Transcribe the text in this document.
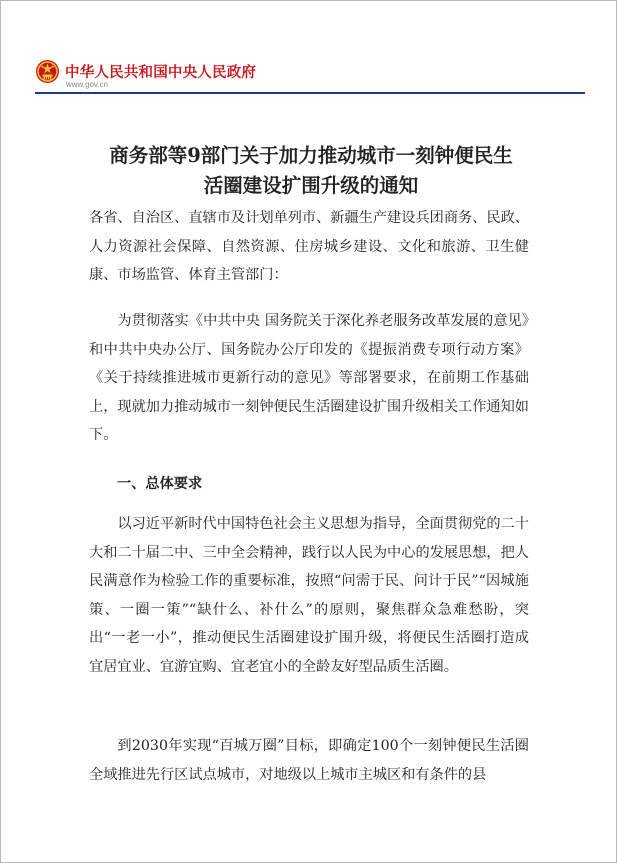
中华人民共和国中央人民政府
www.gov.cn
商务部等9部门关于加力推动城市一刻钟便民生
活圈建设扩围升级的通知

各省、自治区、直辖市及计划单列市、新疆生产建设兵团商务、民政、人力资源社会保障、自然资源、住房城乡建设、文化和旅游、卫生健康、市场监管、体育主管部门：

为贯彻落实《中共中央 国务院关于深化养老服务改革发展的意见》和中共中央办公厅、国务院办公厅印发的《提振消费专项行动方案》《关于持续推进城市更新行动的意见》等部署要求，在前期工作基础上，现就加力推动城市一刻钟便民生活圈建设扩围升级相关工作通知如下。

一、总体要求

以习近平新时代中国特色社会主义思想为指导，全面贯彻党的二十大和二十届二中、三中全会精神，践行以人民为中心的发展思想，把人民满意作为检验工作的重要标准，按照“问需于民、问计于民”“因城施策、一圈一策”“缺什么、补什么”的原则，聚焦群众急难愁盼，突出“一老一小”，推动便民生活圈建设扩围升级，将便民生活圈打造成宜居宜业、宜游宜购、宜老宜小的全龄友好型品质生活圈。

到2030年实现“百城万圈”目标，即确定100个一刻钟便民生活圈全域推进先行区试点城市，对地级以上城市主城区和有条件的县
